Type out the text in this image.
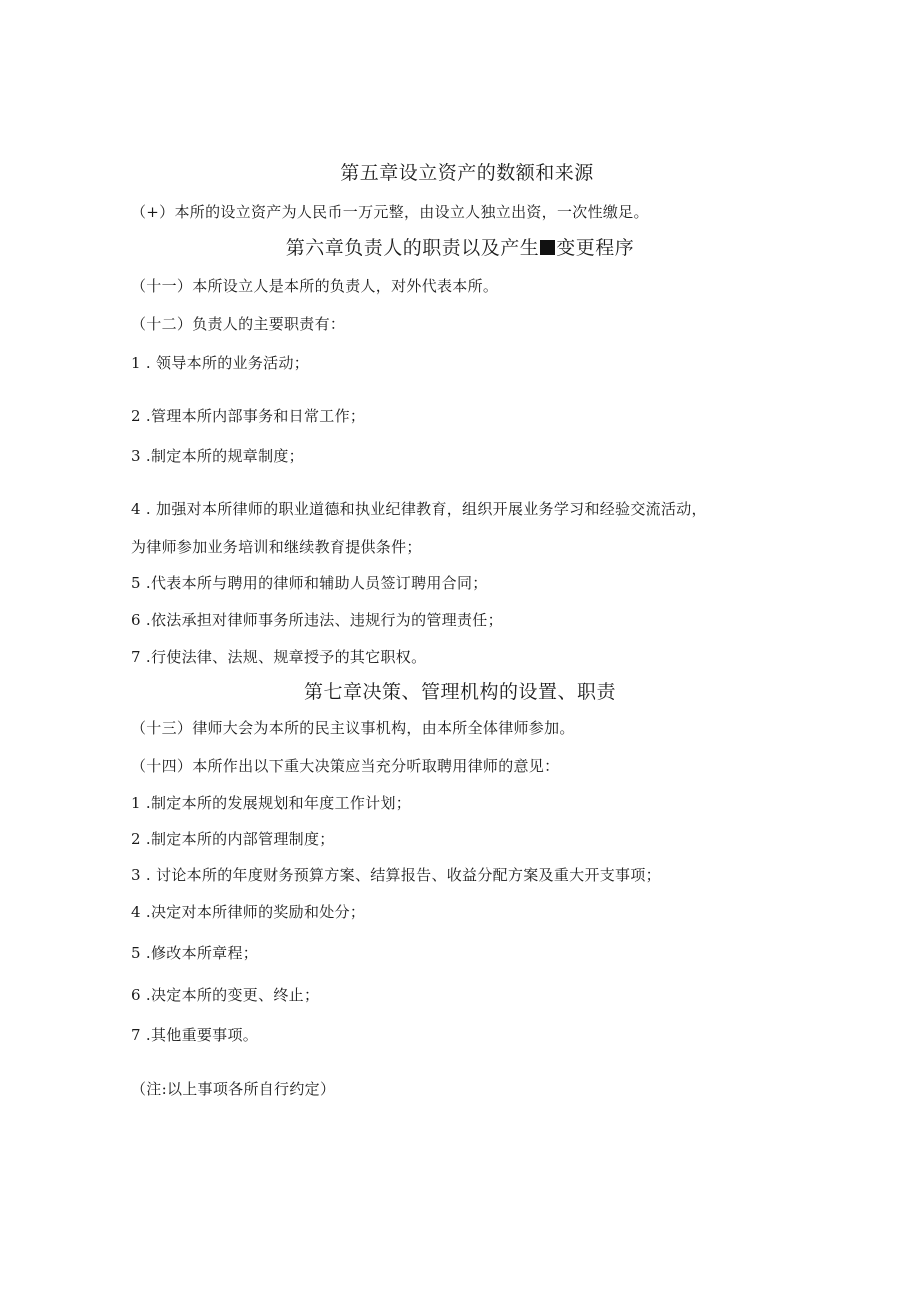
第五章设立资产的数额和来源
（+）本所的设立资产为人民币一万元整，由设立人独立出资，一次性缴足。
第六章负责人的职责以及产生 变更程序
（十一）本所设立人是本所的负责人，对外代表本所。
（十二）负责人的主要职责有：
1 . 领导本所的业务活动；
2 .管理本所内部事务和日常工作；
3 .制定本所的规章制度；
4 . 加强对本所律师的职业道德和执业纪律教育，组织开展业务学习和经验交流活动，
为律师参加业务培训和继续教育提供条件；
5 .代表本所与聘用的律师和辅助人员签订聘用合同；
6 .依法承担对律师事务所违法、违规行为的管理责任；
7 .行使法律、法规、规章授予的其它职权。
第七章决策、管理机构的设置、职责
（十三）律师大会为本所的民主议事机构，由本所全体律师参加。
（十四）本所作出以下重大决策应当充分听取聘用律师的意见：
1 .制定本所的发展规划和年度工作计划；
2 .制定本所的内部管理制度；
3 . 讨论本所的年度财务预算方案、结算报告、收益分配方案及重大开支事项；
4 .决定对本所律师的奖励和处分；
5 .修改本所章程；
6 .决定本所的变更、终止；
7 .其他重要事项。
（注:以上事项各所自行约定）
